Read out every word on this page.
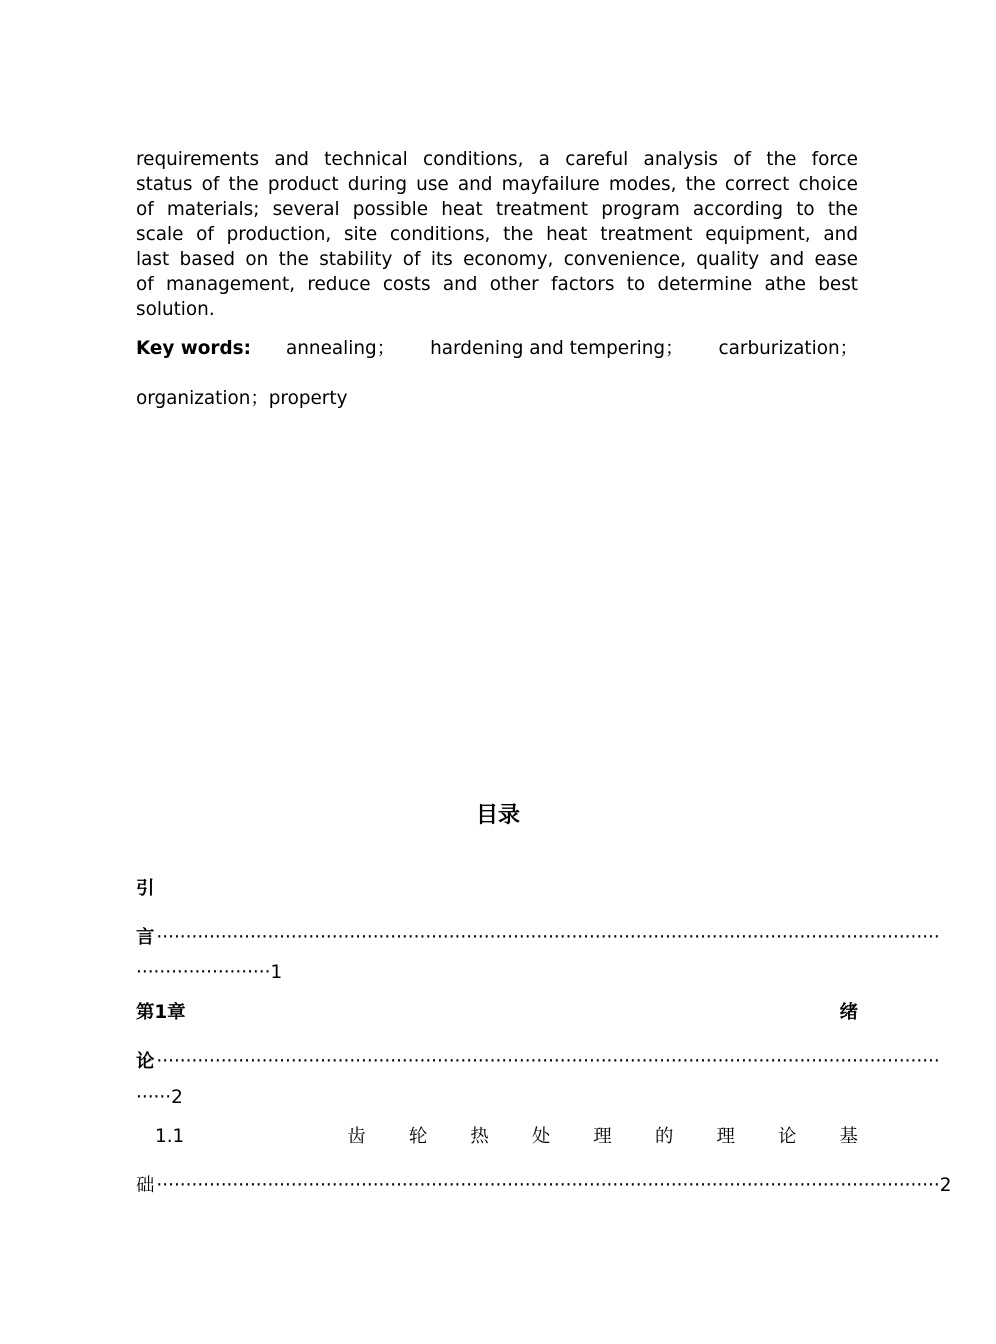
requirements and technical conditions, a careful analysis of the force
status of the product during use and mayfailure modes, the correct choice
of materials; several possible heat treatment program according to the
scale of production, site conditions, the heat treatment equipment, and
last based on the stability of its economy, convenience, quality and ease
of management, reduce costs and other factors to determine athe best
solution.
Key words: annealing； hardening and tempering； carburization；
organization；property
目录
引
言 ······································································································································
······················· 1
第1章	绪
论 ······································································································································
······ 2
1.1	齿 轮 热 处 理 的 理 论 基
础 ······································································································································ 2
